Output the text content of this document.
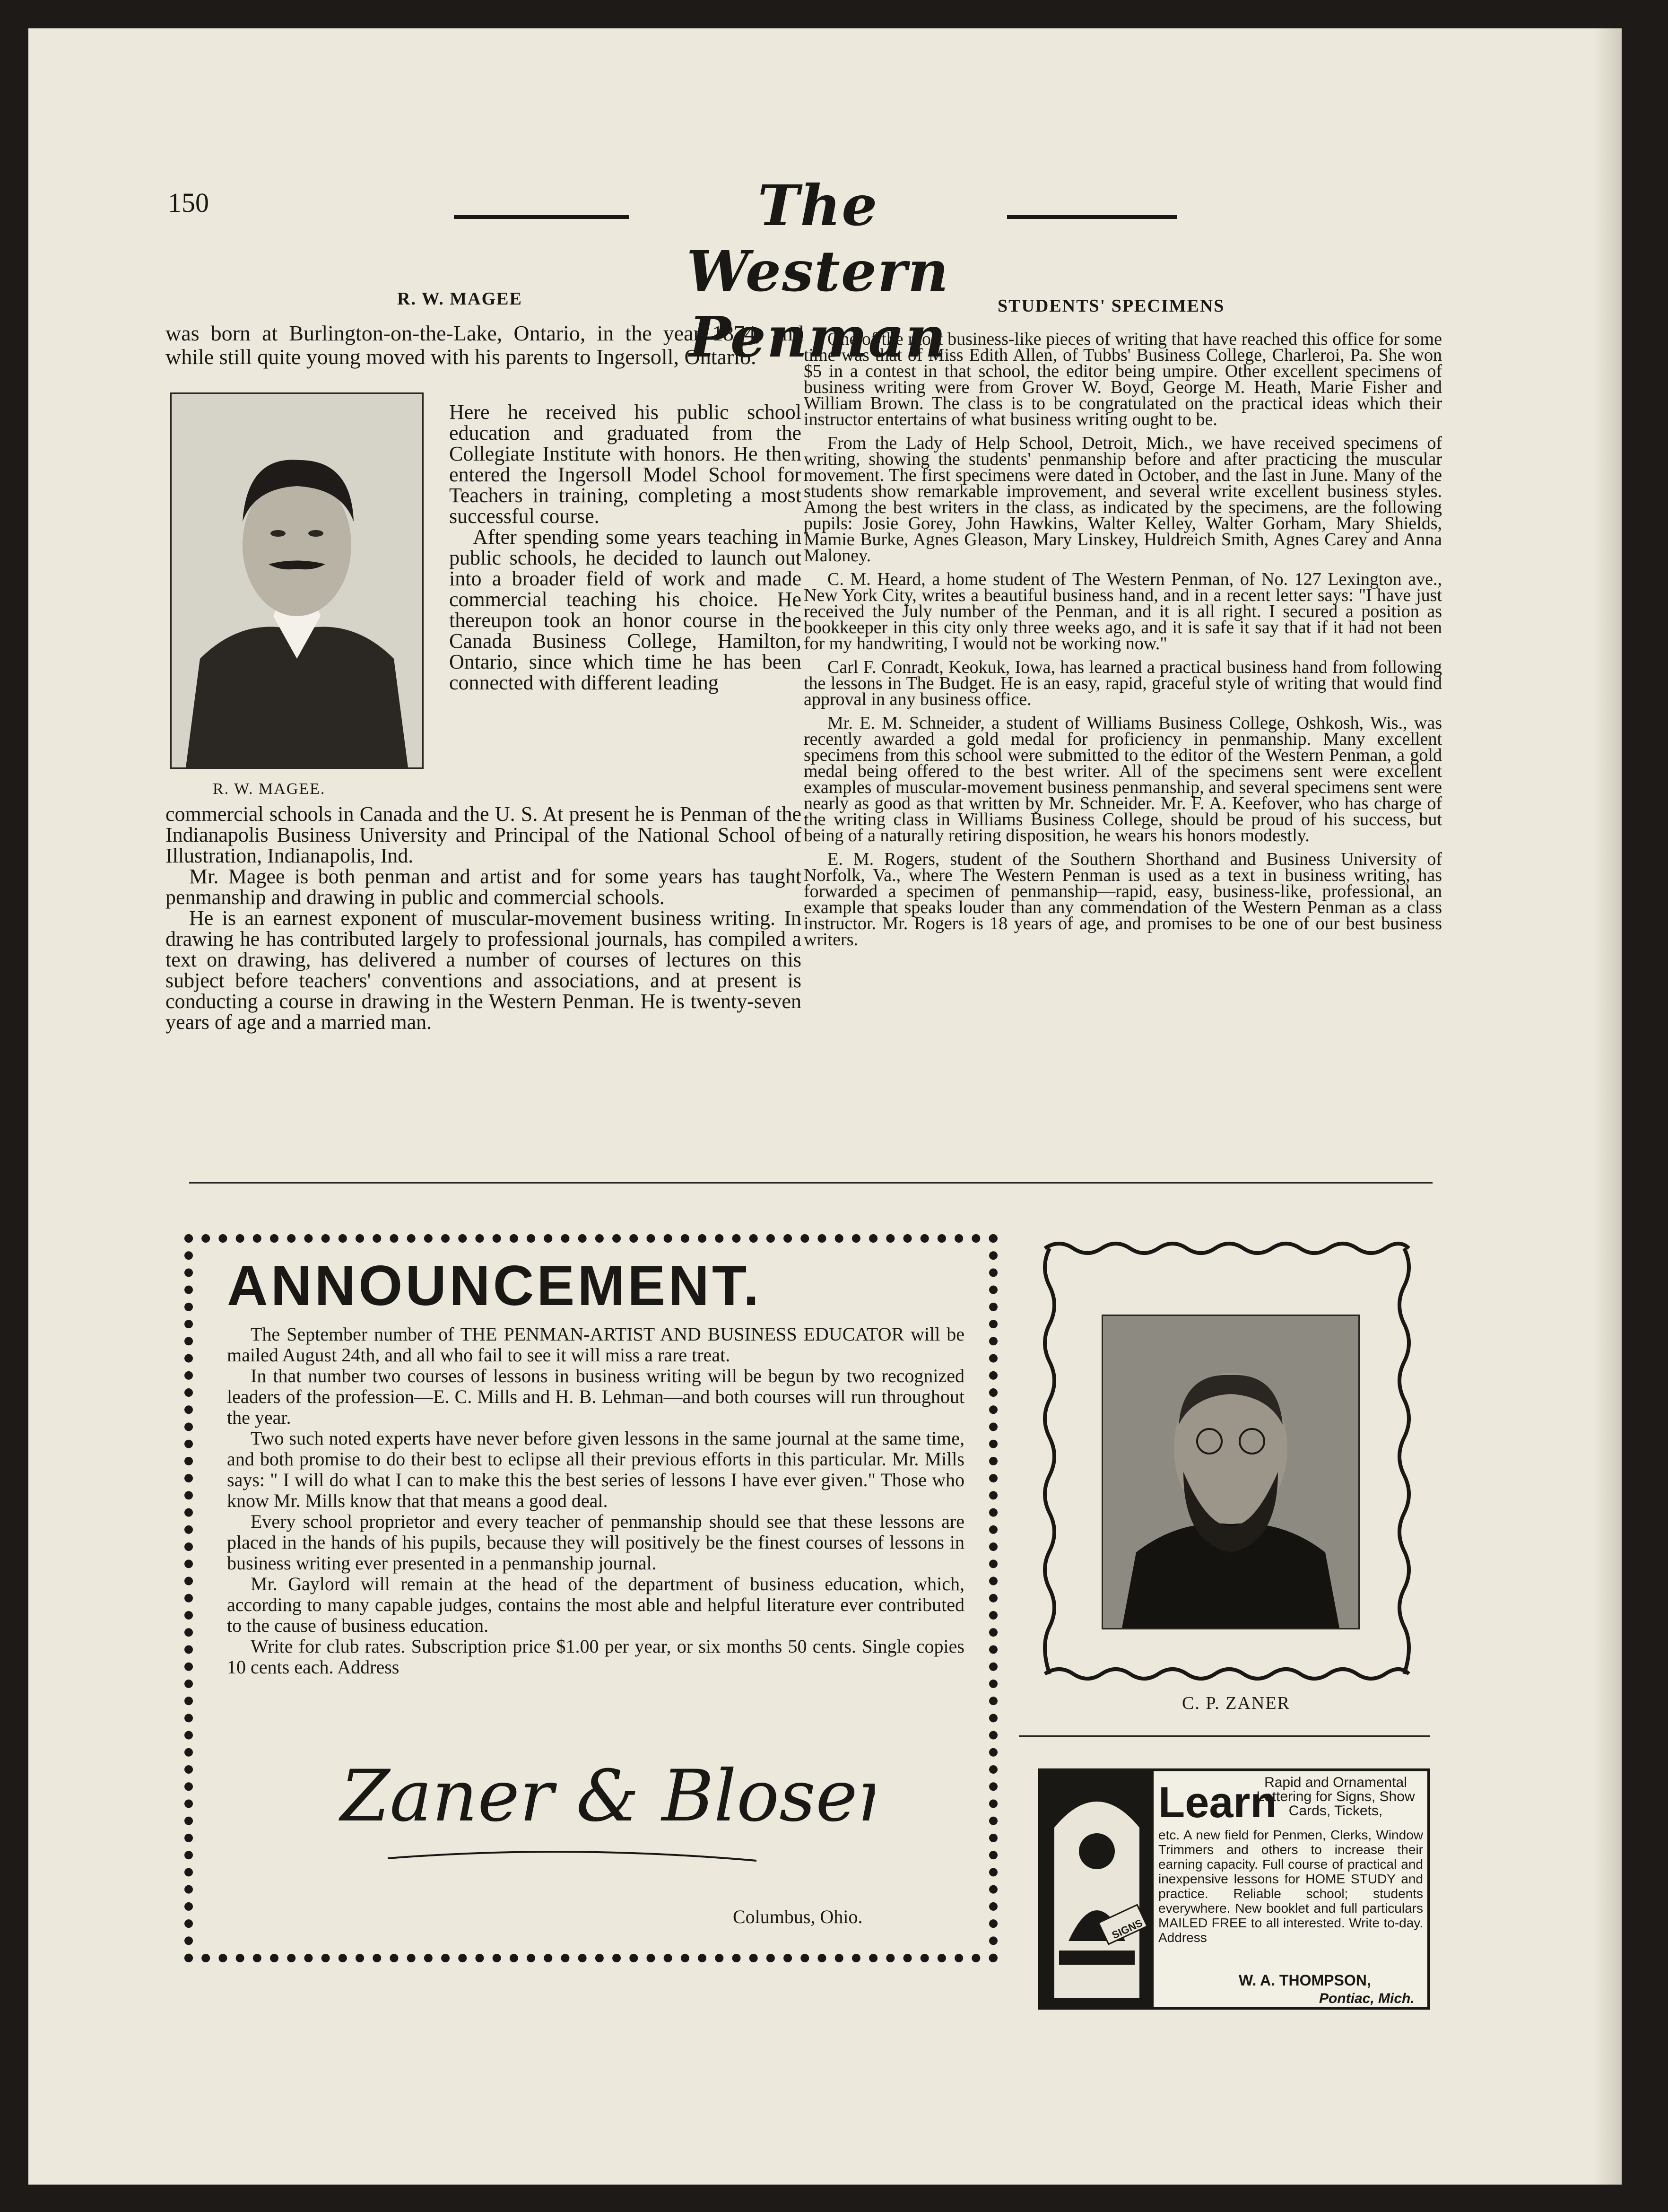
150	The Western Penman
R. W. MAGEE
was born at Burlington-on-the-Lake, Ontario, in the year 1874, and while still quite young moved with his parents to Ingersoll, Ontario.
R. W. MAGEE.

Here he received his public school education and graduated from the Collegiate Institute with honors. He then entered the Ingersoll Model School for Teachers in training, completing a most successful course.

After spending some years teaching in public schools, he decided to launch out into a broader field of work and made commercial teaching his choice. He thereupon took an honor course in the Canada Business College, Hamilton, Ontario, since which time he has been connected with different leading

commercial schools in Canada and the U. S. At present he is Penman of the Indianapolis Business University and Principal of the National School of Illustration, Indianapolis, Ind.

Mr. Magee is both penman and artist and for some years has taught penmanship and drawing in public and commercial schools.

He is an earnest exponent of muscular-movement business writing. In drawing he has contributed largely to professional journals, has compiled a text on drawing, has delivered a number of courses of lectures on this subject before teachers' conventions and associations, and at present is conducting a course in drawing in the Western Penman. He is twenty-seven years of age and a married man.

STUDENTS' SPECIMENS

One of the most business-like pieces of writing that have reached this office for some time was that of Miss Edith Allen, of Tubbs' Business College, Charleroi, Pa. She won $5 in a contest in that school, the editor being umpire. Other excellent specimens of business writing were from Grover W. Boyd, George M. Heath, Marie Fisher and William Brown. The class is to be congratulated on the practical ideas which their instructor entertains of what business writing ought to be.

From the Lady of Help School, Detroit, Mich., we have received specimens of writing, showing the students' penmanship before and after practicing the muscular movement. The first specimens were dated in October, and the last in June. Many of the students show remarkable improvement, and several write excellent business styles. Among the best writers in the class, as indicated by the specimens, are the following pupils: Josie Gorey, John Hawkins, Walter Kelley, Walter Gorham, Mary Shields, Mamie Burke, Agnes Gleason, Mary Linskey, Huldreich Smith, Agnes Carey and Anna Maloney.

C. M. Heard, a home student of The Western Penman, of No. 127 Lexington ave., New York City, writes a beautiful business hand, and in a recent letter says: "I have just received the July number of the Penman, and it is all right. I secured a position as bookkeeper in this city only three weeks ago, and it is safe it say that if it had not been for my handwriting, I would not be working now."

Carl F. Conradt, Keokuk, Iowa, has learned a practical business hand from following the lessons in The Budget. He is an easy, rapid, graceful style of writing that would find approval in any business office.

Mr. E. M. Schneider, a student of Williams Business College, Oshkosh, Wis., was recently awarded a gold medal for proficiency in penmanship. Many excellent specimens from this school were submitted to the editor of the Western Penman, a gold medal being offered to the best writer. All of the specimens sent were excellent examples of muscular-movement business penmanship, and several specimens sent were nearly as good as that written by Mr. Schneider. Mr. F. A. Keefover, who has charge of the writing class in Williams Business College, should be proud of his success, but being of a naturally retiring disposition, he wears his honors modestly.

E. M. Rogers, student of the Southern Shorthand and Business University of Norfolk, Va., where The Western Penman is used as a text in business writing, has forwarded a specimen of penmanship—rapid, easy, business-like, professional, an example that speaks louder than any commendation of the Western Penman as a class instructor. Mr. Rogers is 18 years of age, and promises to be one of our best business writers.

ANNOUNCEMENT.

The September number of THE PENMAN-ARTIST AND BUSINESS EDUCATOR will be mailed August 24th, and all who fail to see it will miss a rare treat.

In that number two courses of lessons in business writing will be begun by two recognized leaders of the profession—E. C. Mills and H. B. Lehman—and both courses will run throughout the year.

Two such noted experts have never before given lessons in the same journal at the same time, and both promise to do their best to eclipse all their previous efforts in this particular. Mr. Mills says: " I will do what I can to make this the best series of lessons I have ever given." Those who know Mr. Mills know that that means a good deal.

Every school proprietor and every teacher of penmanship should see that these lessons are placed in the hands of his pupils, because they will positively be the finest courses of lessons in business writing ever presented in a penmanship journal.

Mr. Gaylord will remain at the head of the department of business education, which, according to many capable judges, contains the most able and helpful literature ever contributed to the cause of business education.

Write for club rates. Subscription price $1.00 per year, or six months 50 cents. Single copies 10 cents each. Address

Zaner & Bloser
Columbus, Ohio.
C. P. ZANER
SIGNS
Learn
Rapid and Ornamental Lettering for Signs, Show Cards, Tickets,
etc. A new field for Penmen, Clerks, Window Trimmers and others to increase their earning capacity. Full course of practical and inexpensive lessons for HOME STUDY and practice. Reliable school; students everywhere. New booklet and full particulars MAILED FREE to all interested. Write to-day. Address
W. A. THOMPSON,
Pontiac, Mich.
